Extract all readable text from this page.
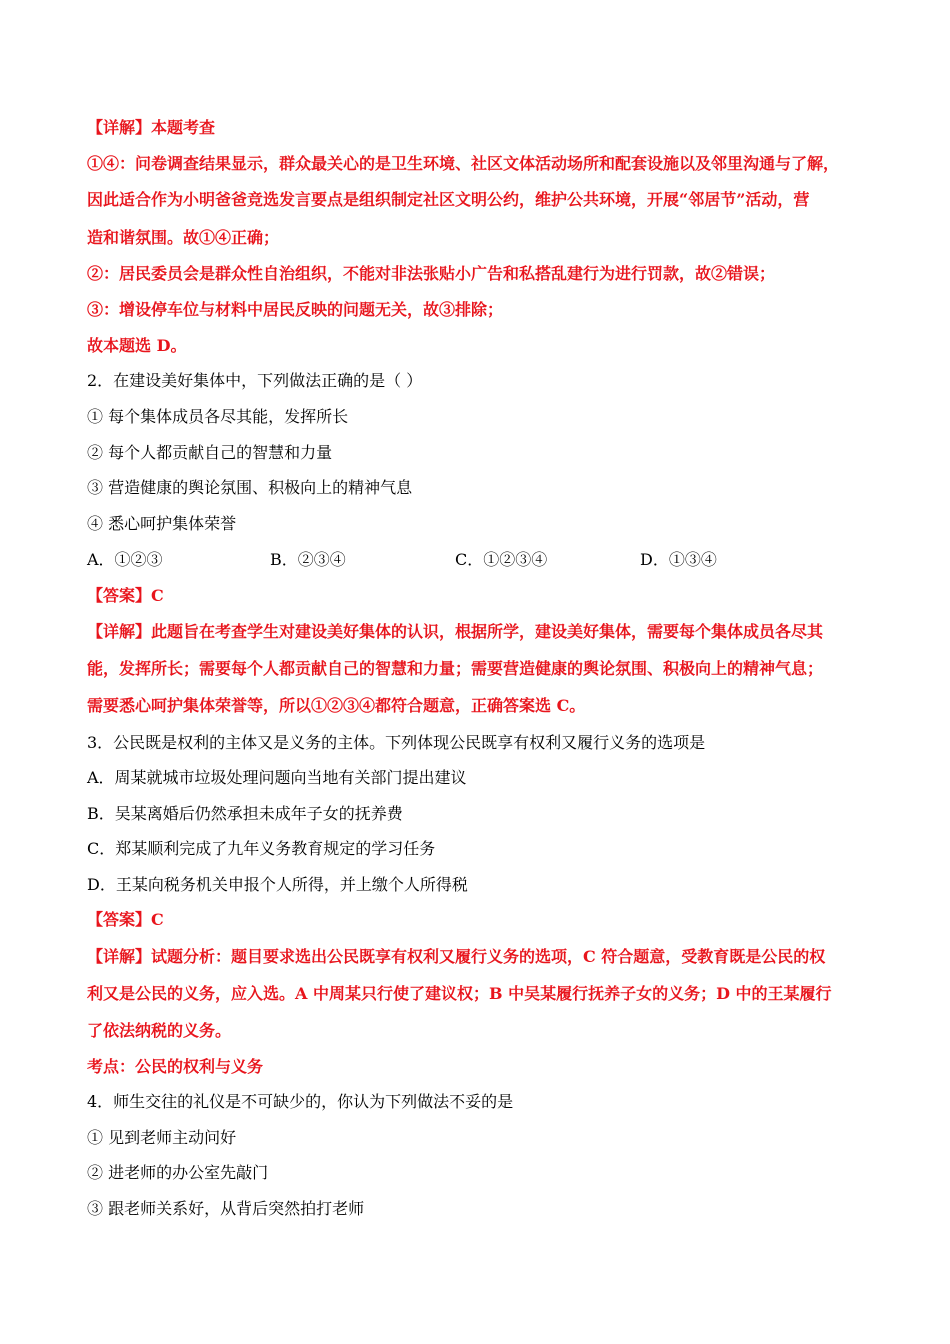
【详解】本题考查
①④：问卷调查结果显示，群众最关心的是卫生环境、社区文体活动场所和配套设施以及邻里沟通与了解，
因此适合作为小明爸爸竞选发言要点是组织制定社区文明公约，维护公共环境，开展“邻居节”活动，营
造和谐氛围。故①④正确；
②：居民委员会是群众性自治组织，不能对非法张贴小广告和私搭乱建行为进行罚款，故②错误；
③：增设停车位与材料中居民反映的问题无关，故③排除；
故本题选 D。
2．在建设美好集体中，下列做法正确的是（ ）
① 每个集体成员各尽其能，发挥所长
② 每个人都贡献自己的智慧和力量
③ 营造健康的舆论氛围、积极向上的精神气息
④ 悉心呵护集体荣誉
A．①②③	B．②③④	C．①②③④	D．①③④
【答案】C
【详解】此题旨在考查学生对建设美好集体的认识，根据所学，建设美好集体，需要每个集体成员各尽其
能，发挥所长；需要每个人都贡献自己的智慧和力量；需要营造健康的舆论氛围、积极向上的精神气息；
需要悉心呵护集体荣誉等，所以①②③④都符合题意，正确答案选 C。
3．公民既是权利的主体又是义务的主体。下列体现公民既享有权利又履行义务的选项是
A．周某就城市垃圾处理问题向当地有关部门提出建议
B．吴某离婚后仍然承担未成年子女的抚养费
C．郑某顺利完成了九年义务教育规定的学习任务
D．王某向税务机关申报个人所得，并上缴个人所得税
【答案】C
【详解】试题分析：题目要求选出公民既享有权利又履行义务的选项，C 符合题意，受教育既是公民的权
利又是公民的义务，应入选。A 中周某只行使了建议权；B 中吴某履行抚养子女的义务；D 中的王某履行
了依法纳税的义务。
考点：公民的权利与义务
4．师生交往的礼仪是不可缺少的，你认为下列做法不妥的是
① 见到老师主动问好
② 进老师的办公室先敲门
③ 跟老师关系好，从背后突然拍打老师
